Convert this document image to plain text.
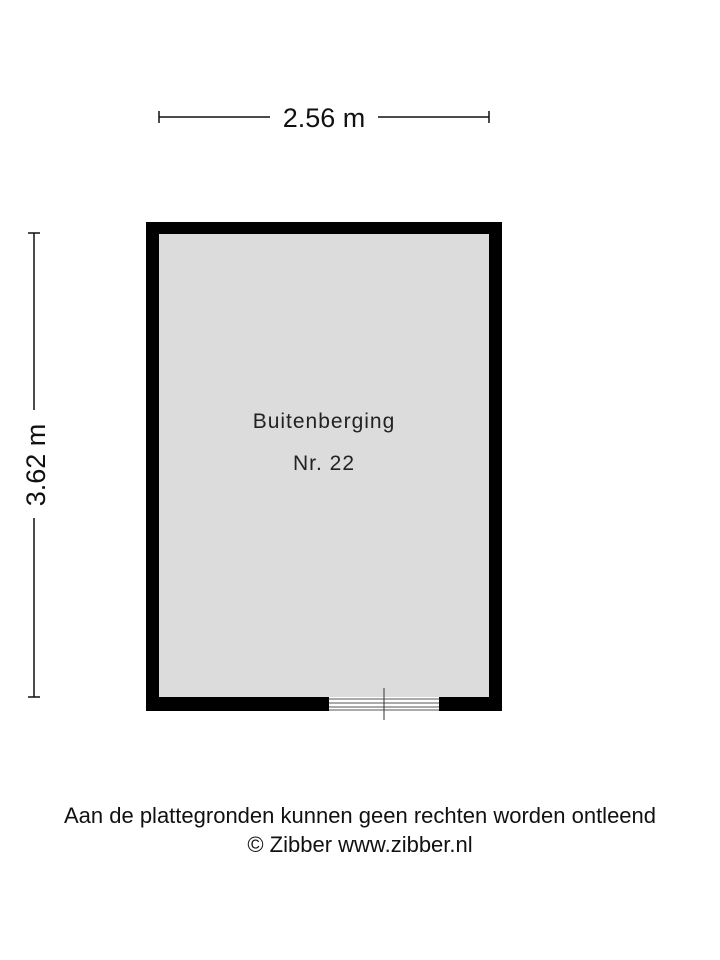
2.56 m
3.62 m
Buitenberging
Nr. 22
Aan de plattegronden kunnen geen rechten worden ontleend
© Zibber www.zibber.nl
